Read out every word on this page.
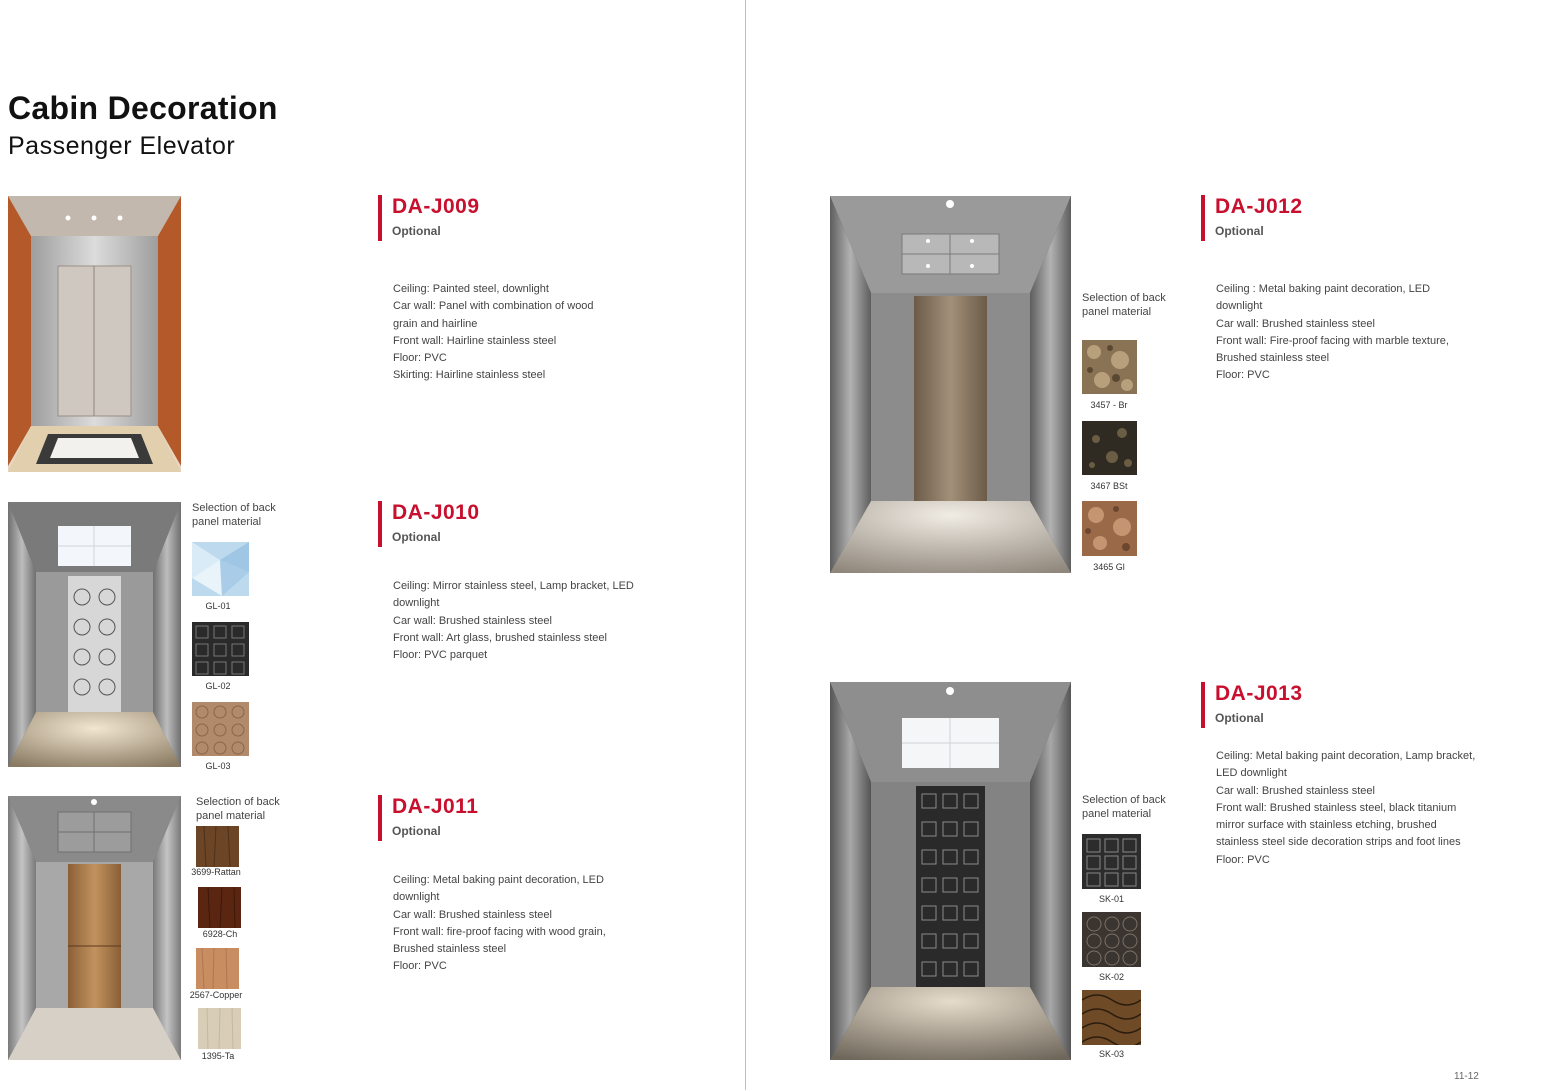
Cabin Decoration
Passenger Elevator
DA-J009
Optional
Ceiling: Painted steel, downlight
Car wall: Panel with combination of wood
grain and hairline
Front wall: Hairline stainless steel
Floor: PVC
Skirting: Hairline stainless steel
Selection of back panel material
GL-01
GL-02
GL-03
DA-J010
Optional
Ceiling: Mirror stainless steel, Lamp bracket, LED
downlight
Car wall: Brushed stainless steel
Front wall: Art glass, brushed stainless steel
Floor: PVC parquet
Selection of back panel material
3699-Rattan
6928-Ch
2567-Copper
1395-Ta
DA-J011
Optional
Ceiling: Metal baking paint decoration, LED
downlight
Car wall: Brushed stainless steel
Front wall: fire-proof facing with wood grain,
Brushed stainless steel
Floor: PVC
Selection of back panel material
3457 - Br
3467 BSt
3465 Gl
DA-J012
Optional
Ceiling : Metal baking paint decoration, LED
downlight
Car wall: Brushed stainless steel
Front wall: Fire-proof facing with marble texture,
Brushed stainless steel
Floor: PVC
Selection of back panel material
SK-01
SK-02
SK-03
DA-J013
Optional
Ceiling: Metal baking paint decoration, Lamp bracket,
LED downlight
Car wall: Brushed stainless steel
Front wall: Brushed stainless steel, black titanium
mirror surface with stainless etching, brushed
stainless steel side decoration strips and foot lines
Floor: PVC
11-12
